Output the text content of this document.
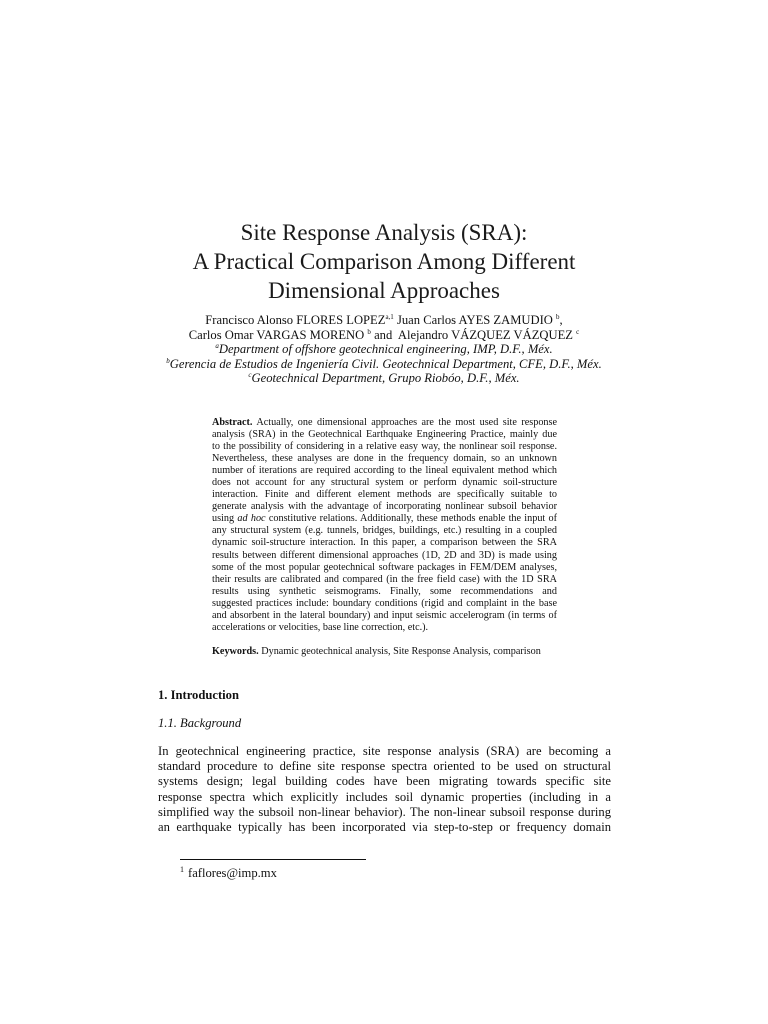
Site Response Analysis (SRA):
A Practical Comparison Among Different
Dimensional Approaches
Francisco Alonso FLORES LOPEZ$^{a,1}$ Juan Carlos AYES ZAMUDIO $^b$,
Carlos Omar VARGAS MORENO $^b$ and Alejandro VÁZQUEZ VÁZQUEZ $^c$
$^a$Department of offshore geotechnical engineering, IMP, D.F., Méx.
$^b$Gerencia de Estudios de Ingeniería Civil. Geotechnical Department, CFE, D.F., Méx.
$^c$Geotechnical Department, Grupo Riobóo, D.F., Méx.
Abstract. Actually, one dimensional approaches are the most used site response
analysis (SRA) in the Geotechnical Earthquake Engineering Practice, mainly due
to the possibility of considering in a relative easy way, the nonlinear soil response.
Nevertheless, these analyses are done in the frequency domain, so an unknown
number of iterations are required according to the lineal equivalent method which
does not account for any structural system or perform dynamic soil-structure
interaction. Finite and different element methods are specifically suitable to
generate analysis with the advantage of incorporating nonlinear subsoil behavior
using ad hoc constitutive relations. Additionally, these methods enable the input of
any structural system (e.g. tunnels, bridges, buildings, etc.) resulting in a coupled
dynamic soil-structure interaction. In this paper, a comparison between the SRA
results between different dimensional approaches (1D, 2D and 3D) is made using
some of the most popular geotechnical software packages in FEM/DEM analyses,
their results are calibrated and compared (in the free field case) with the 1D SRA
results using synthetic seismograms. Finally, some recommendations and
suggested practices include: boundary conditions (rigid and complaint in the base
and absorbent in the lateral boundary) and input seismic accelerogram (in terms of
accelerations or velocities, base line correction, etc.).
Keywords. Dynamic geotechnical analysis, Site Response Analysis, comparison
1. Introduction
1.1. Background
In geotechnical engineering practice, site response analysis (SRA) are becoming a
standard procedure to define site response spectra oriented to be used on structural
systems design; legal building codes have been migrating towards specific site
response spectra which explicitly includes soil dynamic properties (including in a
simplified way the subsoil non-linear behavior). The non-linear subsoil response during
an earthquake typically has been incorporated via step-to-step or frequency domain
$^1$ faflores@imp.mx
